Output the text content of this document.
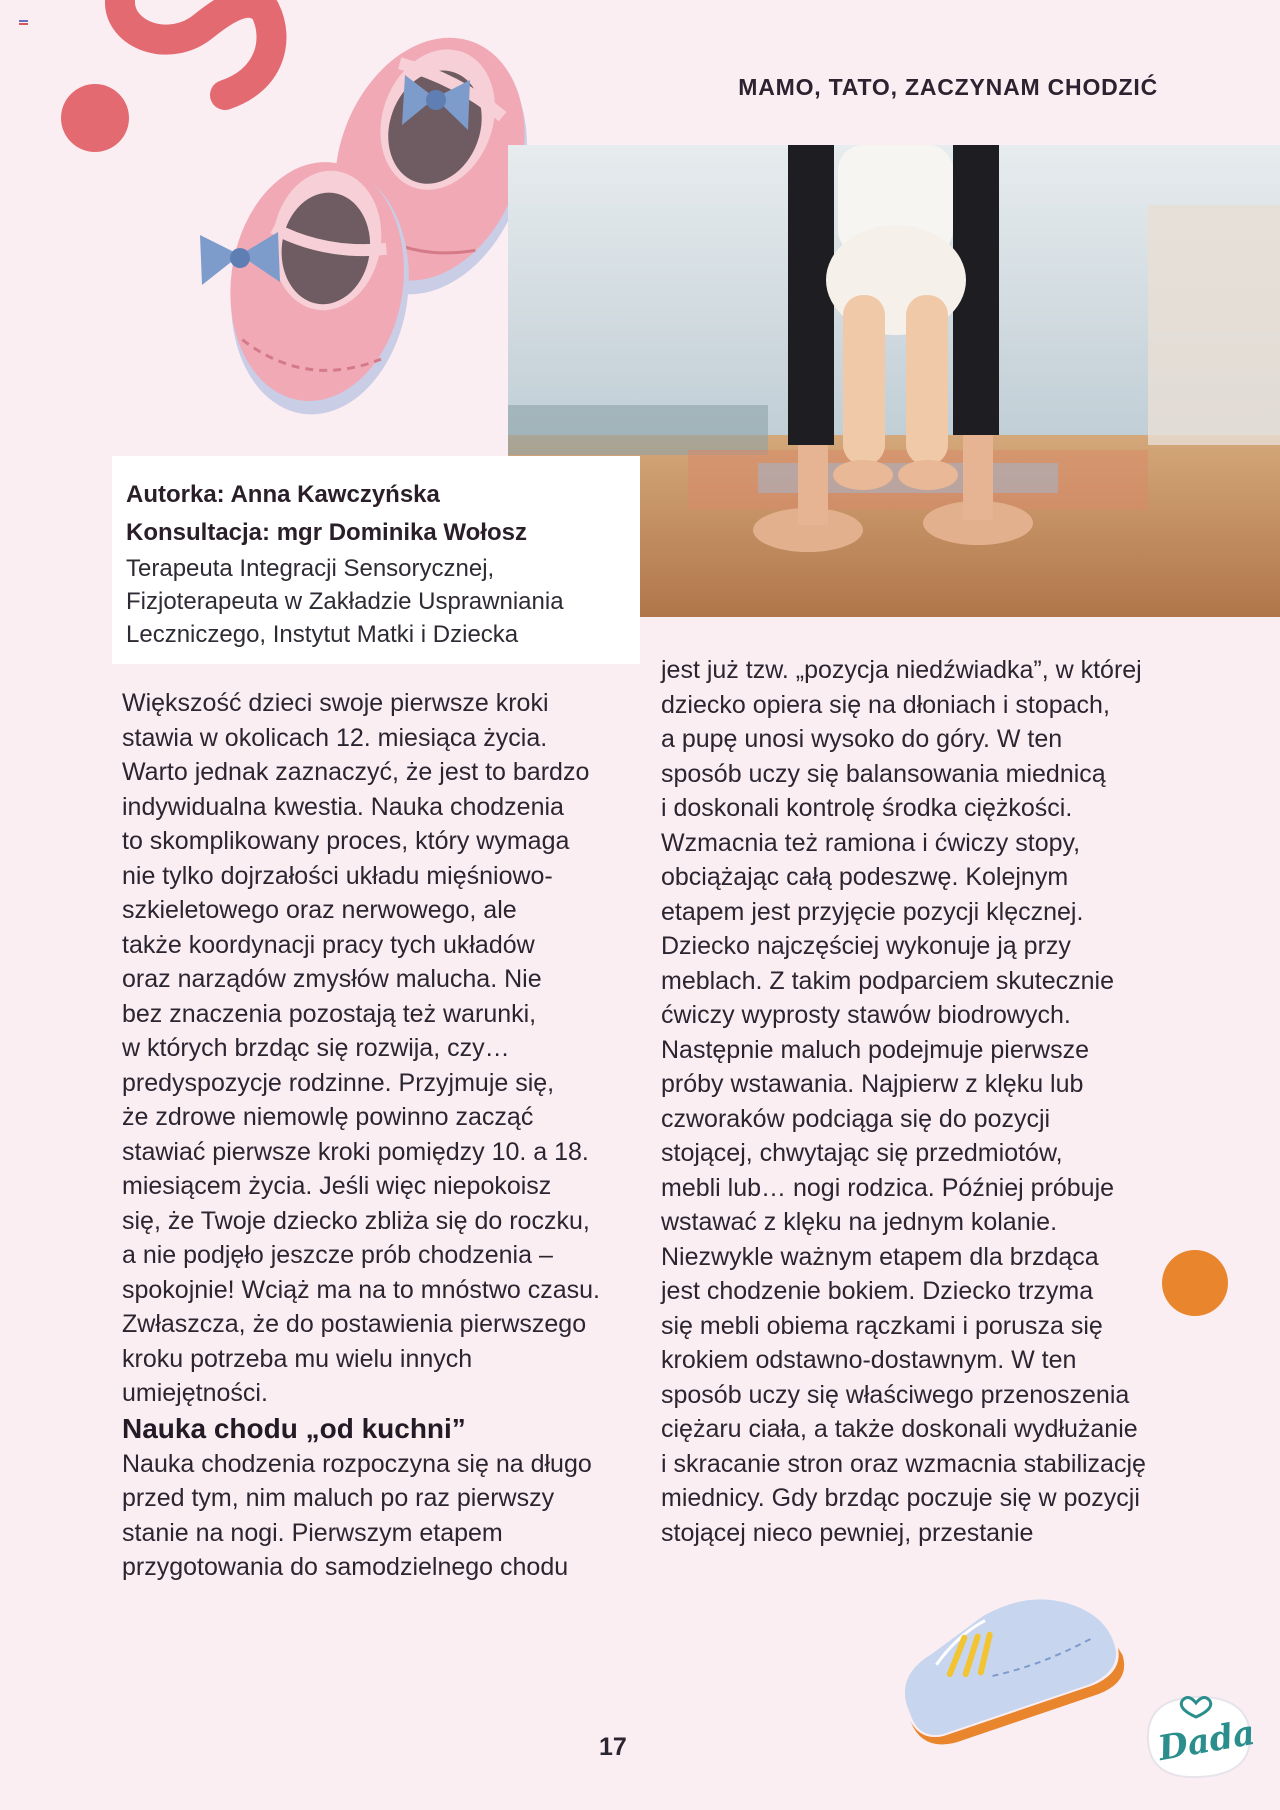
MAMO, TATO, ZACZYNAM CHODZIĆ
Autorka: Anna Kawczyńska
Konsultacja: mgr Dominika Wołosz
Terapeuta Integracji Sensorycznej,
Fizjoterapeuta w Zakładzie Usprawniania
Leczniczego, Instytut Matki i Dziecka

Większość dzieci swoje pierwsze kroki

stawia w okolicach 12. miesiąca życia.

Warto jednak zaznaczyć, że jest to bardzo

indywidualna kwestia. Nauka chodzenia

to skomplikowany proces, który wymaga

nie tylko dojrzałości układu mięśniowo-

szkieletowego oraz nerwowego, ale

także koordynacji pracy tych układów

oraz narządów zmysłów malucha. Nie

bez znaczenia pozostają też warunki,

w których brzdąc się rozwija, czy…

predyspozycje rodzinne. Przyjmuje się,

że zdrowe niemowlę powinno zacząć

stawiać pierwsze kroki pomiędzy 10. a 18.

miesiącem życia. Jeśli więc niepokoisz

się, że Twoje dziecko zbliża się do roczku,

a nie podjęło jeszcze prób chodzenia –

spokojnie! Wciąż ma na to mnóstwo czasu.

Zwłaszcza, że do postawienia pierwszego

kroku potrzeba mu wielu innych

umiejętności.

Nauka chodu „od kuchni”

Nauka chodzenia rozpoczyna się na długo

przed tym, nim maluch po raz pierwszy

stanie na nogi. Pierwszym etapem

przygotowania do samodzielnego chodu

jest już tzw. „pozycja niedźwiadka”, w której

dziecko opiera się na dłoniach i stopach,

a pupę unosi wysoko do góry. W ten

sposób uczy się balansowania miednicą

i doskonali kontrolę środka ciężkości.

Wzmacnia też ramiona i ćwiczy stopy,

obciążając całą podeszwę. Kolejnym

etapem jest przyjęcie pozycji klęcznej.

Dziecko najczęściej wykonuje ją przy

meblach. Z takim podparciem skutecznie

ćwiczy wyprosty stawów biodrowych.

Następnie maluch podejmuje pierwsze

próby wstawania. Najpierw z klęku lub

czworaków podciąga się do pozycji

stojącej, chwytając się przedmiotów,

mebli lub… nogi rodzica. Później próbuje

wstawać z klęku na jednym kolanie.

Niezwykle ważnym etapem dla brzdąca

jest chodzenie bokiem. Dziecko trzyma

się mebli obiema rączkami i porusza się

krokiem odstawno-dostawnym. W ten

sposób uczy się właściwego przenoszenia

ciężaru ciała, a także doskonali wydłużanie

i skracanie stron oraz wzmacnia stabilizację

miednicy. Gdy brzdąc poczuje się w pozycji

stojącej nieco pewniej, przestanie

17	Dada
